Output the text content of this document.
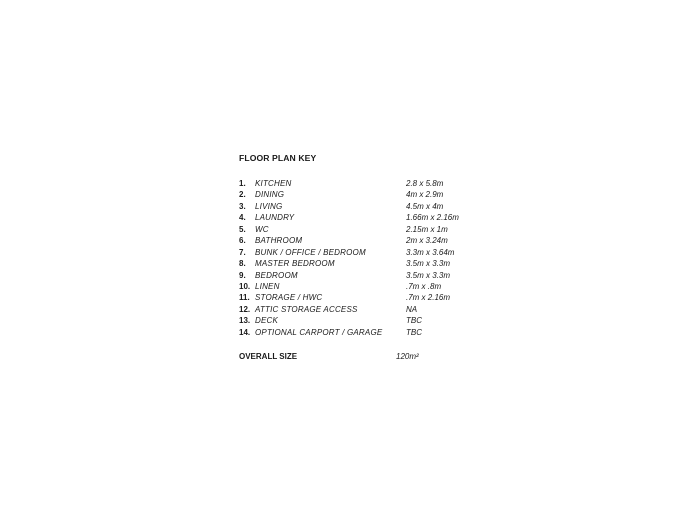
FLOOR PLAN KEY
1. KITCHEN	2.8 x 5.8m
2. DINING	4m x 2.9m
3. LIVING	4.5m x 4m
4. LAUNDRY	1.66m x 2.16m
5. WC	2.15m x 1m
6. BATHROOM	2m x 3.24m
7. BUNK / OFFICE / BEDROOM	3.3m x 3.64m
8. MASTER BEDROOM	3.5m x 3.3m
9. BEDROOM	3.5m x 3.3m
10. LINEN	.7m x .8m
11. STORAGE / HWC	.7m x 2.16m
12. ATTIC STORAGE ACCESS	NA
13. DECK	TBC
14. OPTIONAL CARPORT / GARAGE	TBC
OVERALL SIZE	120m²
